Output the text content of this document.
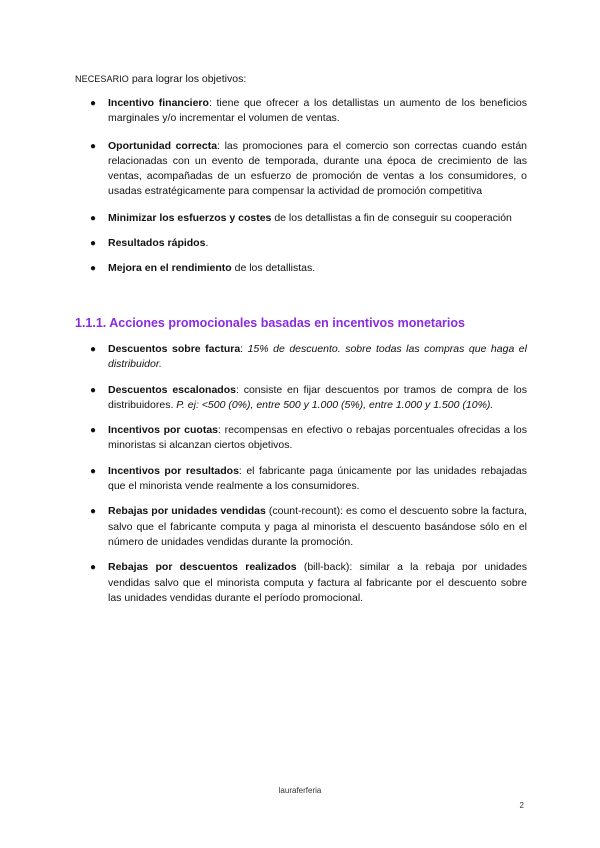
NECESARIO para lograr los objetivos:
● Incentivo financiero: tiene que ofrecer a los detallistas un aumento de los beneficios marginales y/o incrementar el volumen de ventas.
● Oportunidad correcta: las promociones para el comercio son correctas cuando están relacionadas con un evento de temporada, durante una época de crecimiento de las ventas, acompañadas de un esfuerzo de promoción de ventas a los consumidores, o usadas estratégicamente para compensar la actividad de promoción competitiva
● Minimizar los esfuerzos y costes de los detallistas a fin de conseguir su cooperación
● Resultados rápidos.
● Mejora en el rendimiento de los detallistas.
1.1.1. Acciones promocionales basadas en incentivos monetarios
● Descuentos sobre factura: 15% de descuento. sobre todas las compras que haga el distribuidor.
● Descuentos escalonados: consiste en fijar descuentos por tramos de compra de los distribuidores. P. ej: <500 (0%), entre 500 y 1.000 (5%), entre 1.000 y 1.500 (10%).
● Incentivos por cuotas: recompensas en efectivo o rebajas porcentuales ofrecidas a los minoristas si alcanzan ciertos objetivos.
● Incentivos por resultados: el fabricante paga únicamente por las unidades rebajadas que el minorista vende realmente a los consumidores.
● Rebajas por unidades vendidas (count-recount): es como el descuento sobre la factura, salvo que el fabricante computa y paga al minorista el descuento basándose sólo en el número de unidades vendidas durante la promoción.
● Rebajas por descuentos realizados (bill-back): similar a la rebaja por unidades vendidas salvo que el minorista computa y factura al fabricante por el descuento sobre las unidades vendidas durante el período promocional.
lauraferferia
2
